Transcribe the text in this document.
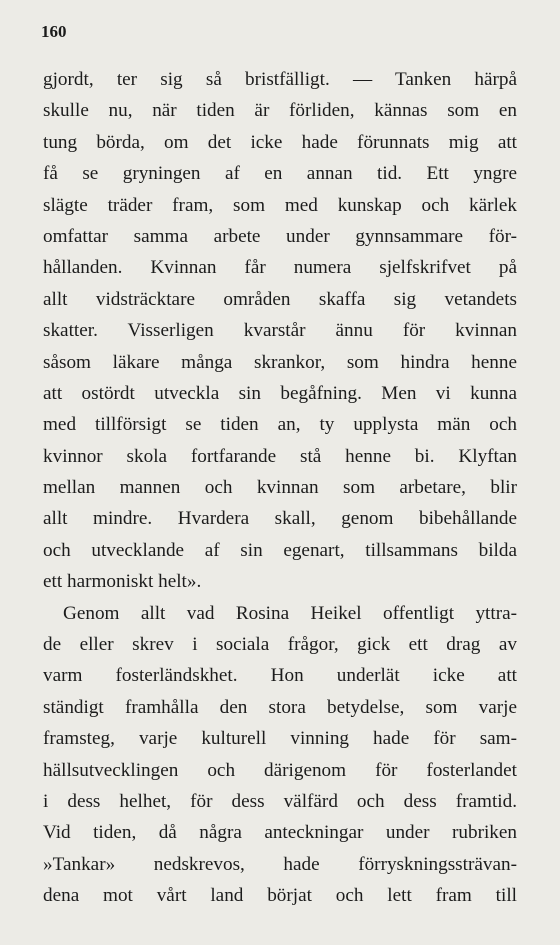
160
gjordt, ter sig så bristfälligt. — Tanken härpå
skulle nu, när tiden är förliden, kännas som en
tung börda, om det icke hade förunnats mig att
få se gryningen af en annan tid. Ett yngre
slägte träder fram, som med kunskap och kärlek
omfattar samma arbete under gynnsammare för-
hållanden. Kvinnan får numera sjelfskrifvet på
allt vidsträcktare områden skaffa sig vetandets
skatter. Visserligen kvarstår ännu för kvinnan
såsom läkare många skrankor, som hindra henne
att ostördt utveckla sin begåfning. Men vi kunna
med tillförsigt se tiden an, ty upplysta män och
kvinnor skola fortfarande stå henne bi. Klyftan
mellan mannen och kvinnan som arbetare, blir
allt mindre. Hvardera skall, genom bibehållande
och utvecklande af sin egenart, tillsammans bilda
ett harmoniskt helt».
Genom allt vad Rosina Heikel offentligt yttra-
de eller skrev i sociala frågor, gick ett drag av
varm fosterländskhet. Hon underlät icke att
ständigt framhålla den stora betydelse, som varje
framsteg, varje kulturell vinning hade för sam-
hällsutvecklingen och därigenom för fosterlandet
i dess helhet, för dess välfärd och dess framtid.
Vid tiden, då några anteckningar under rubriken
»Tankar» nedskrevos, hade förryskningssträvan-
dena mot vårt land börjat och lett fram till
